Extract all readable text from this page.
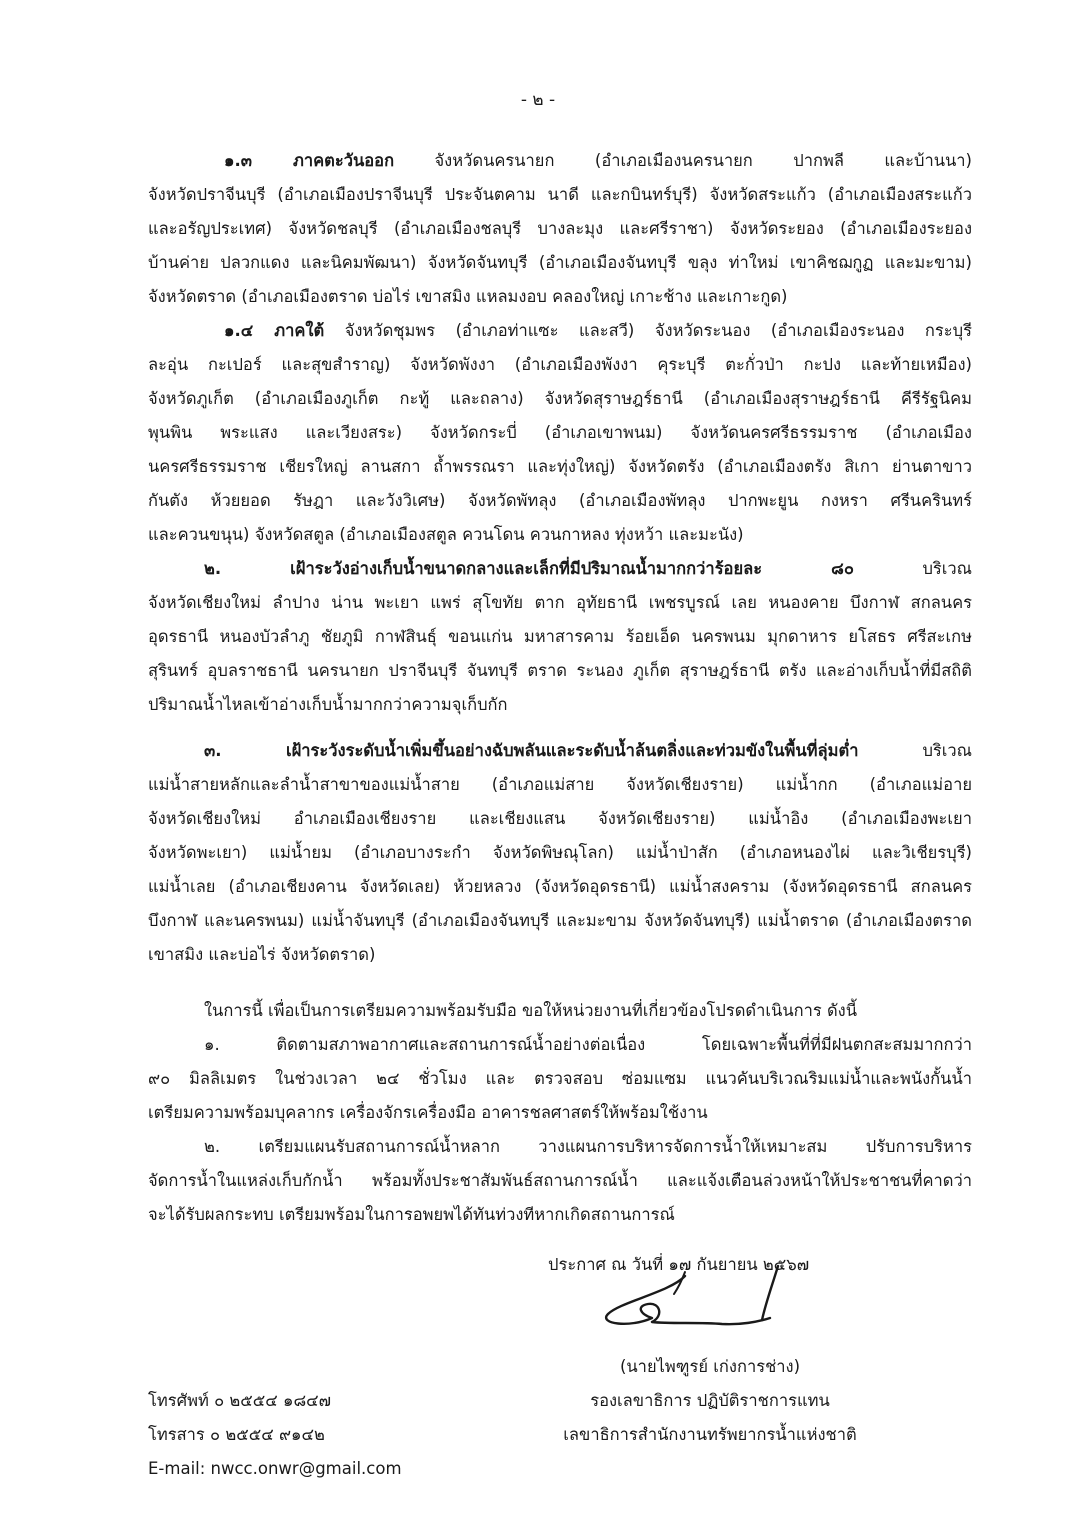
- ๒ -
๑.๓ ภาคตะวันออก จังหวัดนครนายก (อำเภอเมืองนครนายก ปากพลี และบ้านนา)
จังหวัดปราจีนบุรี (อำเภอเมืองปราจีนบุรี ประจันตคาม นาดี และกบินทร์บุรี) จังหวัดสระแก้ว (อำเภอเมืองสระแก้ว
และอรัญประเทศ) จังหวัดชลบุรี (อำเภอเมืองชลบุรี บางละมุง และศรีราชา) จังหวัดระยอง (อำเภอเมืองระยอง
บ้านค่าย ปลวกแดง และนิคมพัฒนา) จังหวัดจันทบุรี (อำเภอเมืองจันทบุรี ขลุง ท่าใหม่ เขาคิชฌกูฏ และมะขาม)
จังหวัดตราด (อำเภอเมืองตราด บ่อไร่ เขาสมิง แหลมงอบ คลองใหญ่ เกาะช้าง และเกาะกูด)
๑.๔ ภาคใต้ จังหวัดชุมพร (อำเภอท่าแซะ และสวี) จังหวัดระนอง (อำเภอเมืองระนอง กระบุรี
ละอุ่น กะเปอร์ และสุขสำราญ) จังหวัดพังงา (อำเภอเมืองพังงา คุระบุรี ตะกั่วป่า กะปง และท้ายเหมือง)
จังหวัดภูเก็ต (อำเภอเมืองภูเก็ต กะทู้ และถลาง) จังหวัดสุราษฎร์ธานี (อำเภอเมืองสุราษฎร์ธานี คีรีรัฐนิคม
พุนพิน พระแสง และเวียงสระ) จังหวัดกระบี่ (อำเภอเขาพนม) จังหวัดนครศรีธรรมราช (อำเภอเมือง
นครศรีธรรมราช เชียรใหญ่ ลานสกา ถ้ำพรรณรา และทุ่งใหญ่) จังหวัดตรัง (อำเภอเมืองตรัง สิเกา ย่านตาขาว
กันตัง ห้วยยอด รัษฎา และวังวิเศษ) จังหวัดพัทลุง (อำเภอเมืองพัทลุง ปากพะยูน กงหรา ศรีนครินทร์
และควนขนุน) จังหวัดสตูล (อำเภอเมืองสตูล ควนโดน ควนกาหลง ทุ่งหว้า และมะนัง)
๒. เฝ้าระวังอ่างเก็บน้ำขนาดกลางและเล็กที่มีปริมาณน้ำมากกว่าร้อยละ ๘๐	บริเวณ
จังหวัดเชียงใหม่ ลำปาง น่าน พะเยา แพร่ สุโขทัย ตาก อุทัยธานี เพชรบูรณ์ เลย หนองคาย บึงกาฬ สกลนคร
อุดรธานี หนองบัวลำภู ชัยภูมิ กาฬสินธุ์ ขอนแก่น มหาสารคาม ร้อยเอ็ด นครพนม มุกดาหาร ยโสธร ศรีสะเกษ
สุรินทร์ อุบลราชธานี นครนายก ปราจีนบุรี จันทบุรี ตราด ระนอง ภูเก็ต สุราษฎร์ธานี ตรัง และอ่างเก็บน้ำที่มีสถิติ
ปริมาณน้ำไหลเข้าอ่างเก็บน้ำมากกว่าความจุเก็บกัก
๓. เฝ้าระวังระดับน้ำเพิ่มขึ้นอย่างฉับพลันและระดับน้ำล้นตลิ่งและท่วมขังในพื้นที่ลุ่มต่ำ	บริเวณ
แม่น้ำสายหลักและลำน้ำสาขาของแม่น้ำสาย (อำเภอแม่สาย จังหวัดเชียงราย) แม่น้ำกก (อำเภอแม่อาย
จังหวัดเชียงใหม่ อำเภอเมืองเชียงราย และเชียงแสน จังหวัดเชียงราย) แม่น้ำอิง (อำเภอเมืองพะเยา
จังหวัดพะเยา) แม่น้ำยม (อำเภอบางระกำ จังหวัดพิษณุโลก) แม่น้ำป่าสัก (อำเภอหนองไผ่ และวิเชียรบุรี)
แม่น้ำเลย (อำเภอเชียงคาน จังหวัดเลย) ห้วยหลวง (จังหวัดอุดรธานี) แม่น้ำสงคราม (จังหวัดอุดรธานี สกลนคร
บึงกาฬ และนครพนม) แม่น้ำจันทบุรี (อำเภอเมืองจันทบุรี และมะขาม จังหวัดจันทบุรี) แม่น้ำตราด (อำเภอเมืองตราด
เขาสมิง และบ่อไร่ จังหวัดตราด)
ในการนี้ เพื่อเป็นการเตรียมความพร้อมรับมือ ขอให้หน่วยงานที่เกี่ยวข้องโปรดดำเนินการ ดังนี้
๑. ติดตามสภาพอากาศและสถานการณ์น้ำอย่างต่อเนื่อง โดยเฉพาะพื้นที่ที่มีฝนตกสะสมมากกว่า
๙๐ มิลลิเมตร ในช่วงเวลา ๒๔ ชั่วโมง และ ตรวจสอบ ซ่อมแซม แนวคันบริเวณริมแม่น้ำและพนังกั้นน้ำ
เตรียมความพร้อมบุคลากร เครื่องจักรเครื่องมือ อาคารชลศาสตร์ให้พร้อมใช้งาน
๒. เตรียมแผนรับสถานการณ์น้ำหลาก วางแผนการบริหารจัดการน้ำให้เหมาะสม ปรับการบริหาร
จัดการน้ำในแหล่งเก็บกักน้ำ พร้อมทั้งประชาสัมพันธ์สถานการณ์น้ำ และแจ้งเตือนล่วงหน้าให้ประชาชนที่คาดว่า
จะได้รับผลกระทบ เตรียมพร้อมในการอพยพได้ทันท่วงทีหากเกิดสถานการณ์
ประกาศ ณ วันที่ ๑๗ กันยายน ๒๕๖๗
(นายไพฑูรย์ เก่งการช่าง)
รองเลขาธิการ ปฏิบัติราชการแทน
เลขาธิการสำนักงานทรัพยากรน้ำแห่งชาติ
โทรศัพท์ ๐ ๒๕๕๔ ๑๘๔๗
โทรสาร ๐ ๒๕๕๔ ๙๑๔๒
E-mail: nwcc.onwr@gmail.com
